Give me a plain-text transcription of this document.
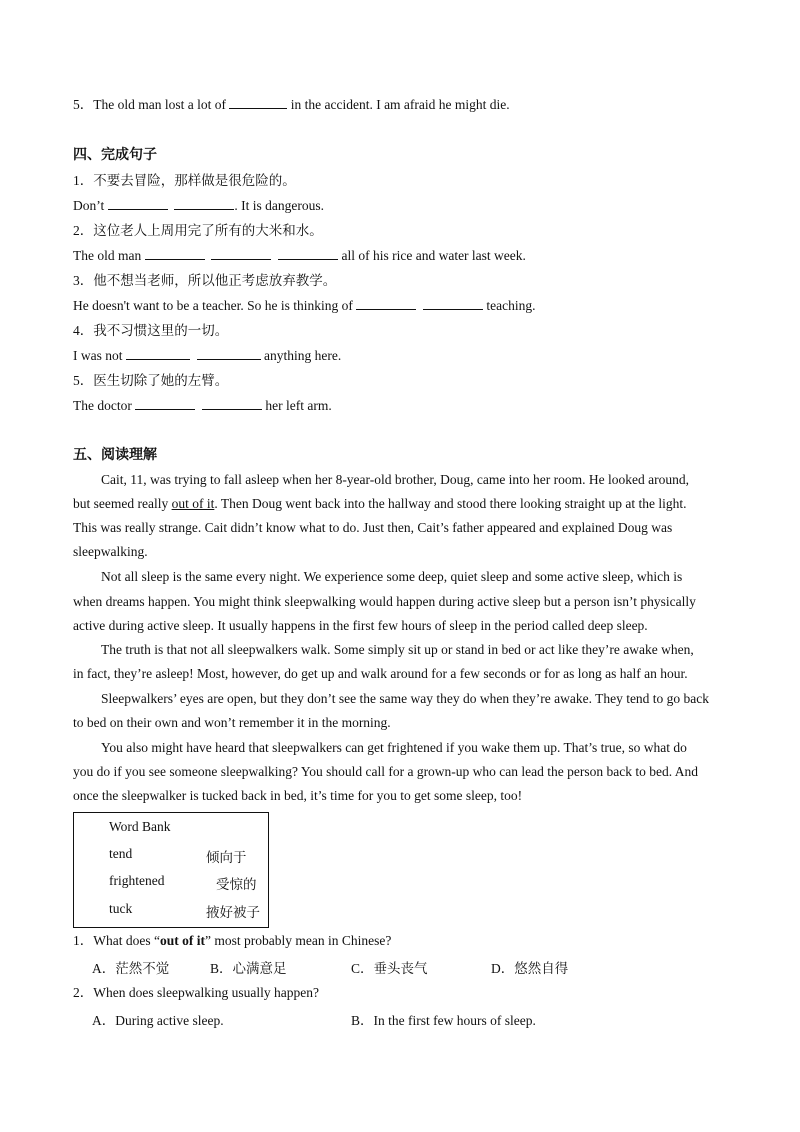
5．The old man lost a lot of	in the accident. I am afraid he might die.
四、完成句子
1．不要去冒险，那样做是很危险的。
Don’t	. It is dangerous.
2．这位老人上周用完了所有的大米和水。
The old man	all of his rice and water last week.
3．他不想当老师，所以他正考虑放弃教学。
He doesn't want to be a teacher. So he is thinking of	teaching.
4．我不习惯这里的一切。
I was not	anything here.
5．医生切除了她的左臂。
The doctor	her left arm.
五、阅读理解
Cait, 11, was trying to fall asleep when her 8-year-old brother, Doug, came into her room. He looked around,
but seemed really out of it. Then Doug went back into the hallway and stood there looking straight up at the light.
This was really strange. Cait didn’t know what to do. Just then, Cait’s father appeared and explained Doug was
sleepwalking.
Not all sleep is the same every night. We experience some deep, quiet sleep and some active sleep, which is
when dreams happen. You might think sleepwalking would happen during active sleep but a person isn’t physically
active during active sleep. It usually happens in the first few hours of sleep in the period called deep sleep.
The truth is that not all sleepwalkers walk. Some simply sit up or stand in bed or act like they’re awake when,
in fact, they’re asleep! Most, however, do get up and walk around for a few seconds or for as long as half an hour.
Sleepwalkers’ eyes are open, but they don’t see the same way they do when they’re awake. They tend to go back
to bed on their own and won’t remember it in the morning.
You also might have heard that sleepwalkers can get frightened if you wake them up. That’s true, so what do
you do if you see someone sleepwalking? You should call for a grown-up who can lead the person back to bed. And
once the sleepwalker is tucked back in bed, it’s time for you to get some sleep, too!
Word Bank
tend	倾向于
frightened	受惊的
tuck	掖好被子
1．What does “out of it” most probably mean in Chinese?
A．茫然不觉	B．心满意足	C．垂头丧气	D．悠然自得
2．When does sleepwalking usually happen?
A．During active sleep.	B．In the first few hours of sleep.
